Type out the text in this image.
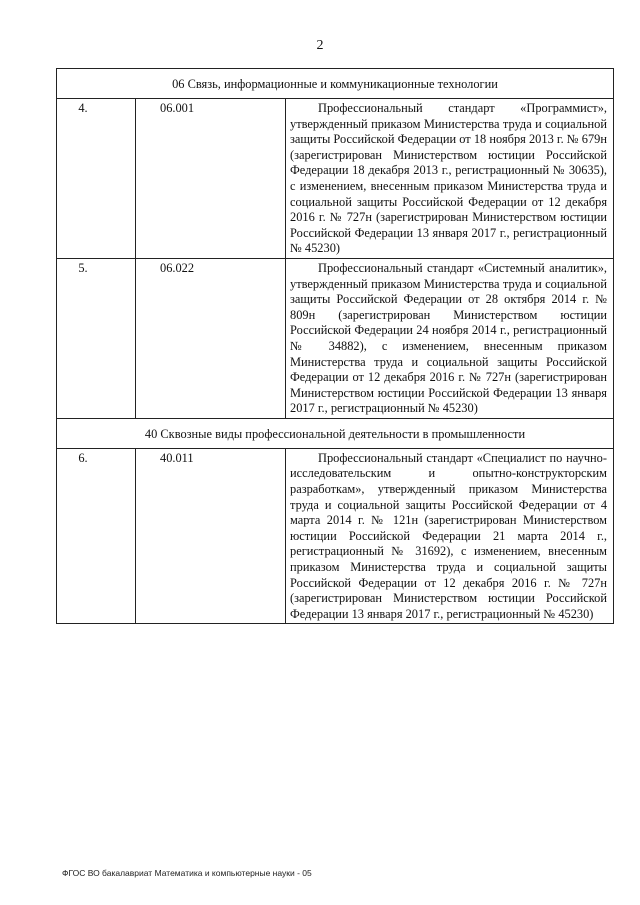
2
06 Связь, информационные и коммуникационные технологии		
4.	06.001	Профессиональный стандарт «Программист», утвержденный приказом Министерства труда и социальной защиты Российской Федерации от 18 ноября 2013 г. № 679н (зарегистрирован Министерством юстиции Российской Федерации 18 декабря 2013 г., регистрационный № 30635), с изменением, внесенным приказом Министерства труда и социальной защиты Российской Федерации от 12 декабря 2016 г. № 727н (зарегистрирован Министерством юстиции Российской Федерации 13 января 2017 г., регистрационный № 45230)
5.	06.022	Профессиональный стандарт «Системный аналитик», утвержденный приказом Министерства труда и социальной защиты Российской Федерации от 28 октября 2014 г. № 809н (зарегистрирован Министерством юстиции Российской Федерации 24 ноября 2014 г., регистрационный № 34882), с изменением, внесенным приказом Министерства труда и социальной защиты Российской Федерации от 12 декабря 2016 г. № 727н (зарегистрирован Министерством юстиции Российской Федерации 13 января 2017 г., регистрационный № 45230)
40 Сквозные виды профессиональной деятельности в промышленности		
6.	40.011	Профессиональный стандарт «Специалист по научно-исследовательским и опытно-конструкторским разработкам», утвержденный приказом Министерства труда и социальной защиты Российской Федерации от 4 марта 2014 г. № 121н (зарегистрирован Министерством юстиции Российской Федерации 21 марта 2014 г., регистрационный № 31692), с изменением, внесенным приказом Министерства труда и социальной защиты Российской Федерации от 12 декабря 2016 г. № 727н (зарегистрирован Министерством юстиции Российской Федерации 13 января 2017 г., регистрационный № 45230)
ФГОС ВО бакалавриат Математика и компьютерные науки - 05
